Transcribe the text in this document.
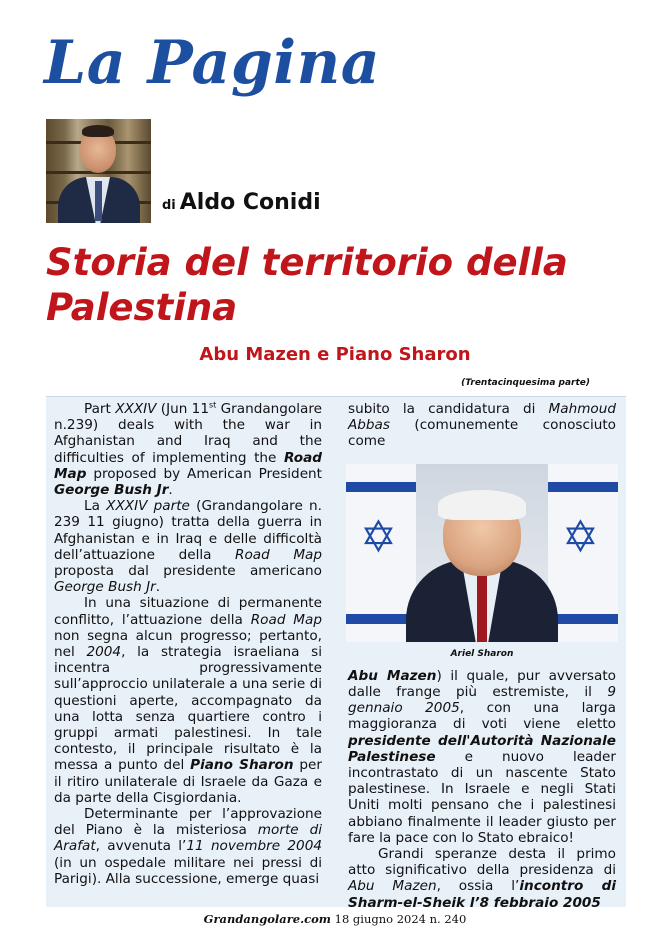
La Pagina
di Aldo Conidi
Storia del territorio della Palestina
Abu Mazen e Piano Sharon
(Trentacinquesima parte)

Part XXXIV (Jun 11st Grandangolare n.239) deals with the war in Afghanistan and Iraq and the difficulties of implementing the Road Map proposed by American President George Bush Jr.

La XXXIV parte (Grandangolare n. 239 11 giugno) tratta della guerra in Afghanistan e in Iraq e delle difficoltà dell’attuazione della Road Map proposta dal presidente americano George Bush Jr.

In una situazione di permanente conflitto, l’attuazione della Road Map non segna alcun progresso; pertanto, nel 2004, la strategia israeliana si incentra progressivamente sull’approccio unilaterale a una serie di questioni aperte, accompagnato da una lotta senza quartiere contro i gruppi armati palestinesi. In tale contesto, il principale risultato è la messa a punto del Piano Sharon per il ritiro unilaterale di Israele da Gaza e da parte della Cisgiordania.

Determinante per l’approvazione del Piano è la misteriosa morte di Arafat, avvenuta l’11 novembre 2004 (in un ospedale militare nei pressi di Parigi). Alla successione, emerge quasi

subito la candidatura di Mahmoud Abbas (comunemente conosciuto come

✡	✡
Ariel Sharon

Abu Mazen) il quale, pur avversato dalle frange più estremiste, il 9 gennaio 2005, con una larga maggioranza di voti viene eletto presidente dell'Autorità Nazionale Palestinese e nuovo leader incontrastato di un nascente Stato palestinese. In Israele e negli Stati Uniti molti pensano che i palestinesi abbiano finalmente il leader giusto per fare la pace con lo Stato ebraico!

Grandi speranze desta il primo atto significativo della presidenza di Abu Mazen, ossia l’incontro di Sharm-el-Sheik l’8 febbraio 2005

Grandangolare.com 18 giugno 2024 n. 240
